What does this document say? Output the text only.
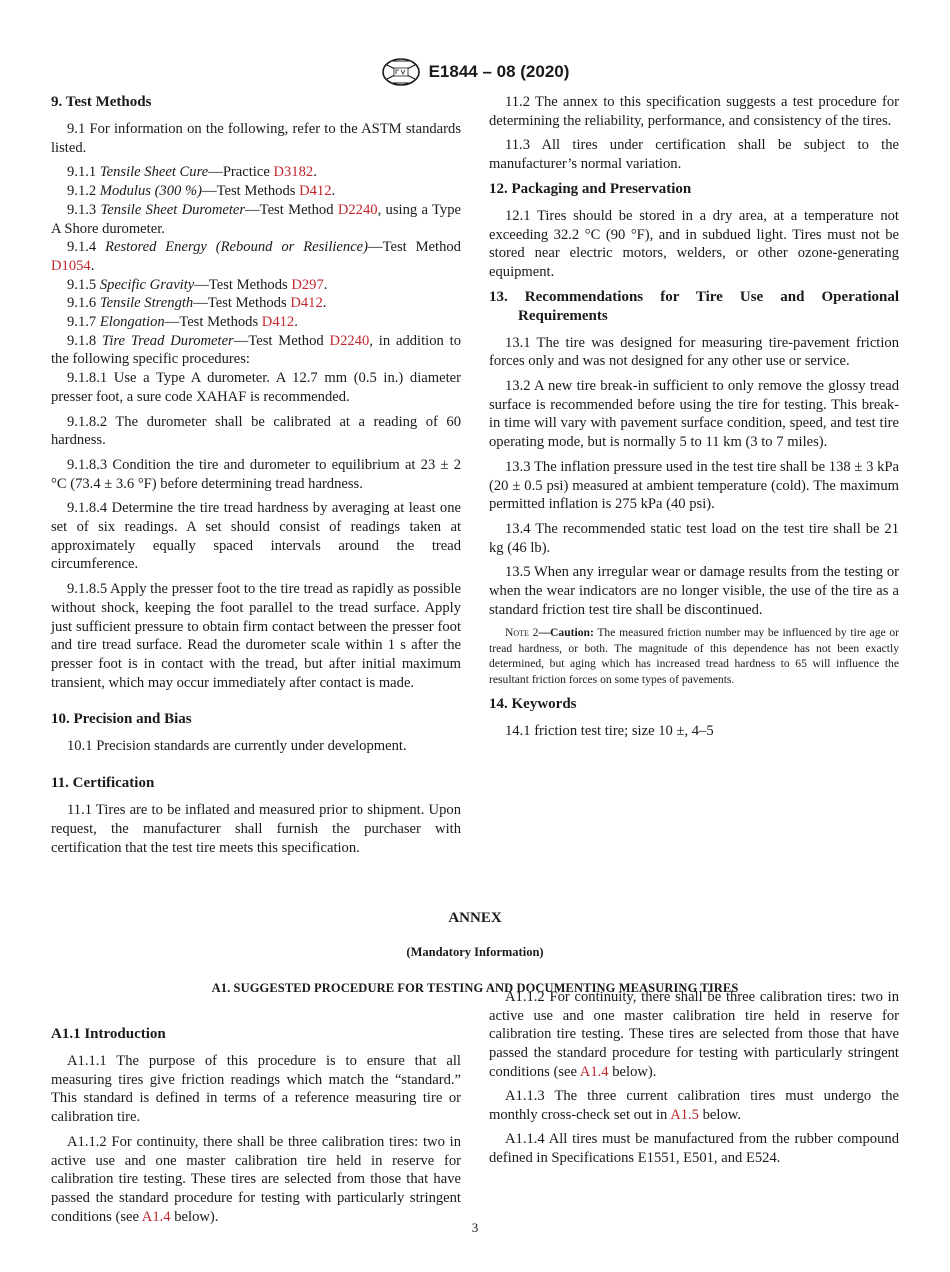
E1844 – 08 (2020)
9. Test Methods

9.1 For information on the following, refer to the ASTM standards listed.

9.1.1 Tensile Sheet Cure—Practice D3182.

9.1.2 Modulus (300 %)—Test Methods D412.

9.1.3 Tensile Sheet Durometer—Test Method D2240, using a Type A Shore durometer.

9.1.4 Restored Energy (Rebound or Resilience)—Test Method D1054.

9.1.5 Specific Gravity—Test Methods D297.

9.1.6 Tensile Strength—Test Methods D412.

9.1.7 Elongation—Test Methods D412.

9.1.8 Tire Tread Durometer—Test Method D2240, in addition to the following specific procedures:

9.1.8.1 Use a Type A durometer. A 12.7 mm (0.5 in.) diameter presser foot, a sure code XAHAF is recommended.

9.1.8.2 The durometer shall be calibrated at a reading of 60 hardness.

9.1.8.3 Condition the tire and durometer to equilibrium at 23 ± 2 °C (73.4 ± 3.6 °F) before determining tread hardness.

9.1.8.4 Determine the tire tread hardness by averaging at least one set of six readings. A set should consist of readings taken at approximately equally spaced intervals around the tread circumference.

9.1.8.5 Apply the presser foot to the tire tread as rapidly as possible without shock, keeping the foot parallel to the tread surface. Apply just sufficient pressure to obtain firm contact between the presser foot and tire tread surface. Read the durometer scale within 1 s after the presser foot is in contact with the tread, but after initial maximum transient, which may occur immediately after contact is made.

10. Precision and Bias

10.1 Precision standards are currently under development.

11. Certification

11.1 Tires are to be inflated and measured prior to shipment. Upon request, the manufacturer shall furnish the purchaser with certification that the test tire meets this specification.

11.2 The annex to this specification suggests a test procedure for determining the reliability, performance, and consistency of the tires.

11.3 All tires under certification shall be subject to the manufacturer’s normal variation.

12. Packaging and Preservation

12.1 Tires should be stored in a dry area, at a temperature not exceeding 32.2 °C (90 °F), and in subdued light. Tires must not be stored near electric motors, welders, or other ozone-generating equipment.

13. Recommendations for Tire Use and Operational Requirements

13.1 The tire was designed for measuring tire-pavement friction forces only and was not designed for any other use or service.

13.2 A new tire break-in sufficient to only remove the glossy tread surface is recommended before using the tire for testing. This break-in time will vary with pavement surface condition, speed, and test tire operating mode, but is normally 5 to 11 km (3 to 7 miles).

13.3 The inflation pressure used in the test tire shall be 138 ± 3 kPa (20 ± 0.5 psi) measured at ambient temperature (cold). The maximum permitted inflation is 275 kPa (40 psi).

13.4 The recommended static test load on the test tire shall be 21 kg (46 lb).

13.5 When any irregular wear or damage results from the testing or when the wear indicators are no longer visible, the use of the tire as a standard friction test tire shall be discontinued.

Note 2—Caution: The measured friction number may be influenced by tire age or tread hardness, or both. The magnitude of this dependence has not been exactly determined, but aging which has increased tread hardness to 65 will influence the resultant friction forces on some types of pavements.

14. Keywords

14.1 friction test tire; size 10 ±, 4–5

ANNEX
(Mandatory Information)
A1. SUGGESTED PROCEDURE FOR TESTING AND DOCUMENTING MEASURING TIRES
A1.1 Introduction

A1.1.1 The purpose of this procedure is to ensure that all measuring tires give friction readings which match the “standard.” This standard is defined in terms of a reference measuring tire or calibration tire.

A1.1.2 For continuity, there shall be three calibration tires: two in active use and one master calibration tire held in reserve for calibration tire testing. These tires are selected from those that have passed the standard procedure for testing with particularly stringent conditions (see A1.4 below).

A1.1.2 For continuity, there shall be three calibration tires: two in active use and one master calibration tire held in reserve for calibration tire testing. These tires are selected from those that have passed the standard procedure for testing with particularly stringent conditions (see A1.4 below).

A1.1.3 The three current calibration tires must undergo the monthly cross-check set out in A1.5 below.

A1.1.4 All tires must be manufactured from the rubber compound defined in Specifications E1551, E501, and E524.

3
